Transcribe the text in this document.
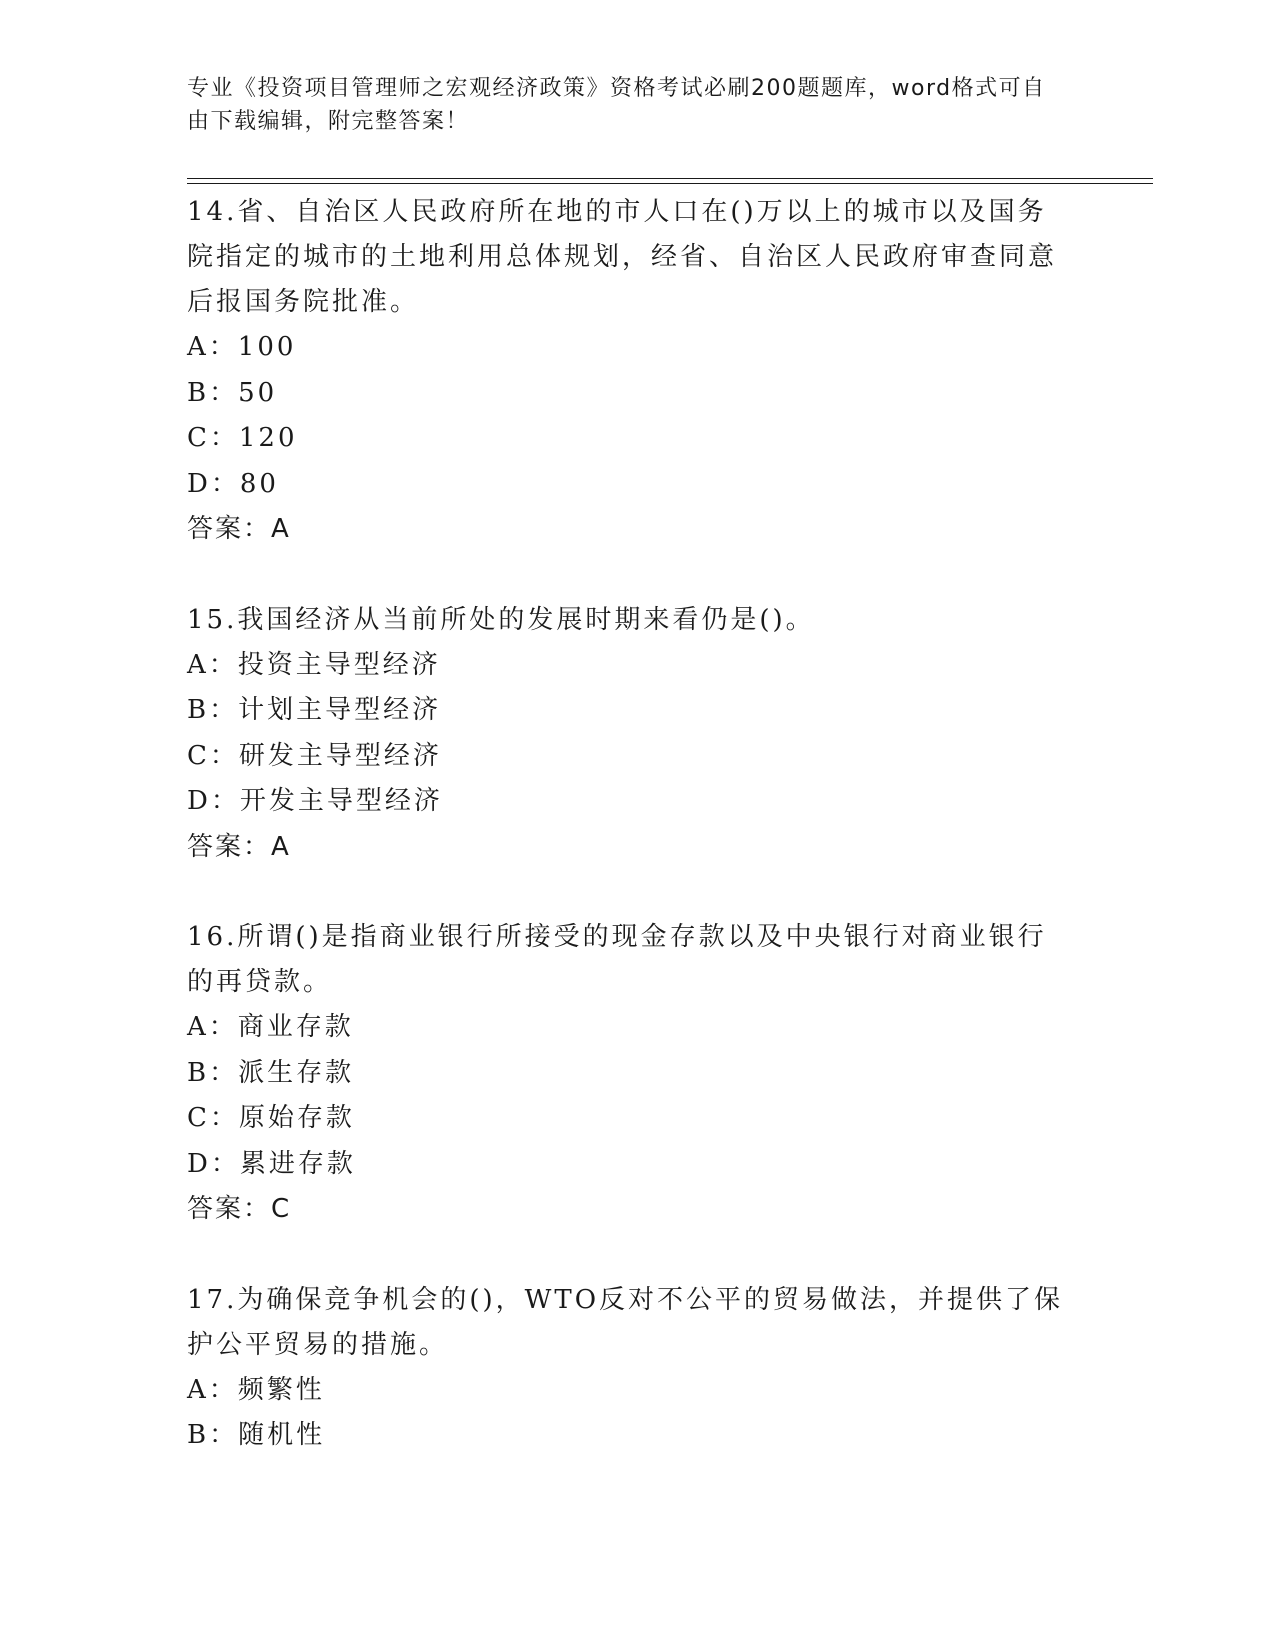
专业《投资项目管理师之宏观经济政策》资格考试必刷200题题库，word格式可自由下载编辑，附完整答案！

14.省、自治区人民政府所在地的市人口在()万以上的城市以及国务院指定的城市的土地利用总体规划，经省、自治区人民政府审查同意后报国务院批准。

A：100

B：50

C：120

D：80

答案：A

15.我国经济从当前所处的发展时期来看仍是()。

A：投资主导型经济

B：计划主导型经济

C：研发主导型经济

D：开发主导型经济

答案：A

16.所谓()是指商业银行所接受的现金存款以及中央银行对商业银行的再贷款。

A：商业存款

B：派生存款

C：原始存款

D：累进存款

答案：C

17.为确保竞争机会的()，WTO反对不公平的贸易做法，并提供了保护公平贸易的措施。

A：频繁性

B：随机性
